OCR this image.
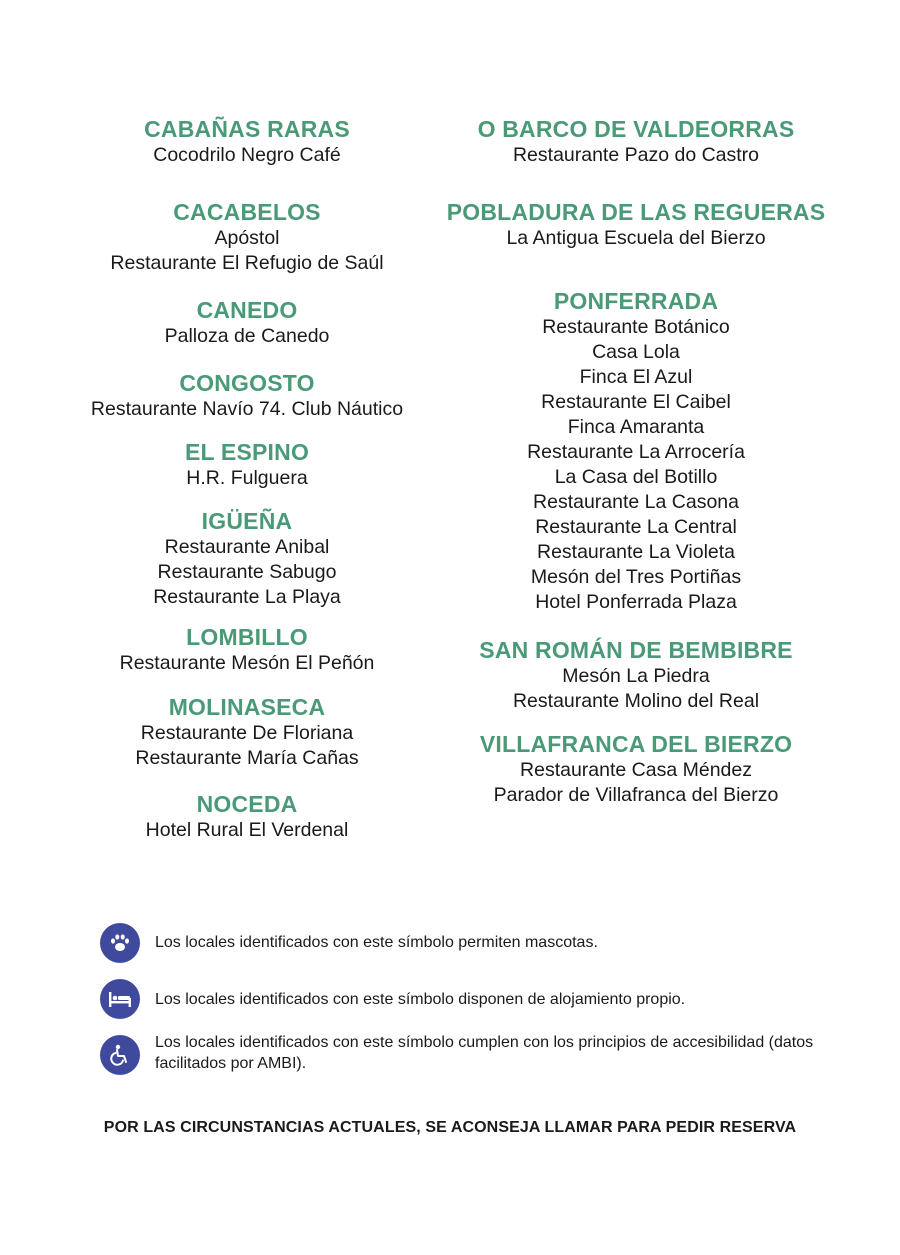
CABAÑAS RARAS
Cocodrilo Negro Café
CACABELOS
Apóstol
Restaurante El Refugio de Saúl
CANEDO
Palloza de Canedo
CONGOSTO
Restaurante Navío 74. Club Náutico
EL ESPINO
H.R. Fulguera
IGÜEÑA
Restaurante Anibal
Restaurante Sabugo
Restaurante La Playa
LOMBILLO
Restaurante Mesón El Peñón
MOLINASECA
Restaurante De Floriana
Restaurante María Cañas
NOCEDA
Hotel Rural El Verdenal
O BARCO DE VALDEORRAS
Restaurante Pazo do Castro
POBLADURA DE LAS REGUERAS
La Antigua Escuela del Bierzo
PONFERRADA
Restaurante Botánico
Casa Lola
Finca El Azul
Restaurante El Caibel
Finca Amaranta
Restaurante La Arrocería
La Casa del Botillo
Restaurante La Casona
Restaurante La Central
Restaurante La Violeta
Mesón del Tres Portiñas
Hotel Ponferrada Plaza
SAN ROMÁN DE BEMBIBRE
Mesón La Piedra
Restaurante Molino del Real
VILLAFRANCA DEL BIERZO
Restaurante Casa Méndez
Parador de Villafranca del Bierzo
Los locales identificados con este símbolo permiten mascotas.
Los locales identificados con este símbolo disponen de alojamiento propio.
Los locales identificados con este símbolo cumplen con los principios de accesibilidad (datos facilitados por AMBI).
POR LAS CIRCUNSTANCIAS ACTUALES, SE ACONSEJA LLAMAR PARA PEDIR RESERVA
